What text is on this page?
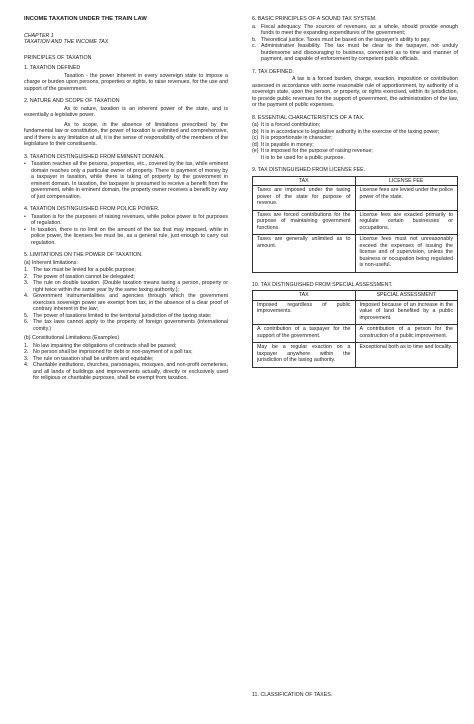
INCOME TAXATION UNDER THE TRAIN LAW
CHAPTER 1
TAXATION AND THE INCOME TAX
PRINCIPLES OF TAXATION
1. TAXATION DEFINED

Taxation - the power inherent in every sovereign state to impose a charge or burden upon persons, properties or rights, to raise revenues, for the use and support of the government.

2. NATURE AND SCOPE OF TAXATION

As to nature, taxation is an inherent power of the state, and is essentially a legislative power.

As to scope, in the absence of limitations prescribed by the fundamental law or constitution, the power of taxation is unlimited and comprehensive, and if there is any limitation at all, it is the sense of responsibility of the members of the legislature to their constituents.

3. TAXATION DISTINGUISHED FROM EMINENT DOMAIN.
• Taxation reaches all the persons, properties, etc., covered by the tax, while eminent domain reaches only a particular owner of property. There is payment of money by a taxpayer in taxation, while there is taking of property by the government in eminent domain. In taxation, the taxpayer is presumed to receive a benefit from the government, while in eminent domain, the property owner receives a benefit by way of just compensation.
4. TAXATION DISTINGUISHED FROM POLICE POWER.
• Taxation is for the purposes of raising revenues, while police power is for purposes of regulation.
• In taxation, there is no limit on the amount of the tax that may imposed, while in police power, the licenses fee must be, as a general rule, just enough to carry out regulation.
5. LIMITATIONS ON THE POWER OF TAXATION.
(a) Inherent limitations:
1. The tax must be levied for a public purpose;
2. The power of taxation cannot be delegated;
3. The rule on double taxation. (Double taxation means taxing a person, property or right twice within the same year by the same taxing authority.);
4. Government instrumentalities and agencies through which the government exercises sovereign power are exempt from tax, in the absence of a clear proof of contrary inherent in the law;
5. The power of taxations limited to the territorial jurisdiction of the taxing state;
6. The tax laws cannot apply to the property of foreign governments (international comity.)
(b) Constitutional Limitations (Examples)
1. No law impairing the obligations of contracts shall be passed;
2. No person shall be imprisoned for debt or non-payment of a poll tax;
3. The rule on taxation shall be uniform and equitable;
4. Charitable institutions, churches, parsonages, mosques, and non-profit cemeteries, and all lands of buildings and improvements actually, directly or exclusively used for religious or charitable purposes, shall be exempt from taxation.
6. BASIC PRINCIPLES OF A SOUND TAX SYSTEM.
a. Fiscal adequacy. The sources of revenues, as a whole, should provide enough funds to meet the expanding expenditures of the government;
b. Theoretical justice. Taxes must be based on the taxpayer's ability to pay;
c. Administrative feasibility. The tax must be clear to the taxpayer, not unduly burdensome and discouraging to business, convenient as to time and manner of payment, and capable of enforcement by competent public officials.
7. TAX DEFINED.

A tax is a forced burden, charge, exaction, imposition or contribution assessed in accordance with some reasonable rule of apportionment, by authority of a sovereign state, upon the person, or property, or rights exercised, within its jurisdiction, to provide public revenues for the support of government, the administration of the law, or the payment of public expenses.

8. ESSENTIAL CHARACTERISTICS OF A TAX.
(a) It is a forced contribution;
(b) It is in accordance to legislative authority in the exercise of the taxing power;
(c) It is proportionate in character;
(d) It is payable in money;
(e) It is imposed for the purpose of raising revenue;
It is to be used for a public purpose.
9. TAX DISTINGUISHED FROM LICENSE FEE.
TAX	LICENSE FEE
Taxes are imposed under the taxing power of the state for purpose of revenue.	License fees are levied under the police power of the state.
Taxes are forced contributions for the purpose of maintaining government functions.	License fees are exacted primarily to regulate certain businesses or occupations.
Taxes are generally unlimited as to amount.	License fees must not unreasonably exceed the expenses of issuing the license and of supervision, unless the business or occupation being regulated is non-useful.
10. TAX DISTINGUISHED FROM SPECIAL ASSESSMENT.
TAX	SPECIAL ASSESSMENT
Imposed regardless of public improvements.	Imposed because of an increase in the value of land benefited by a public improvement.
A contribution of a taxpayer for the support of the government.	A contribution of a person for the construction of a public improvement.
May be a regular exaction on a taxpayer anywhere within the jurisdiction of the taxing authority.	Exceptional both as to time and locality.
11. CLASSIFICATION OF TAXES.
